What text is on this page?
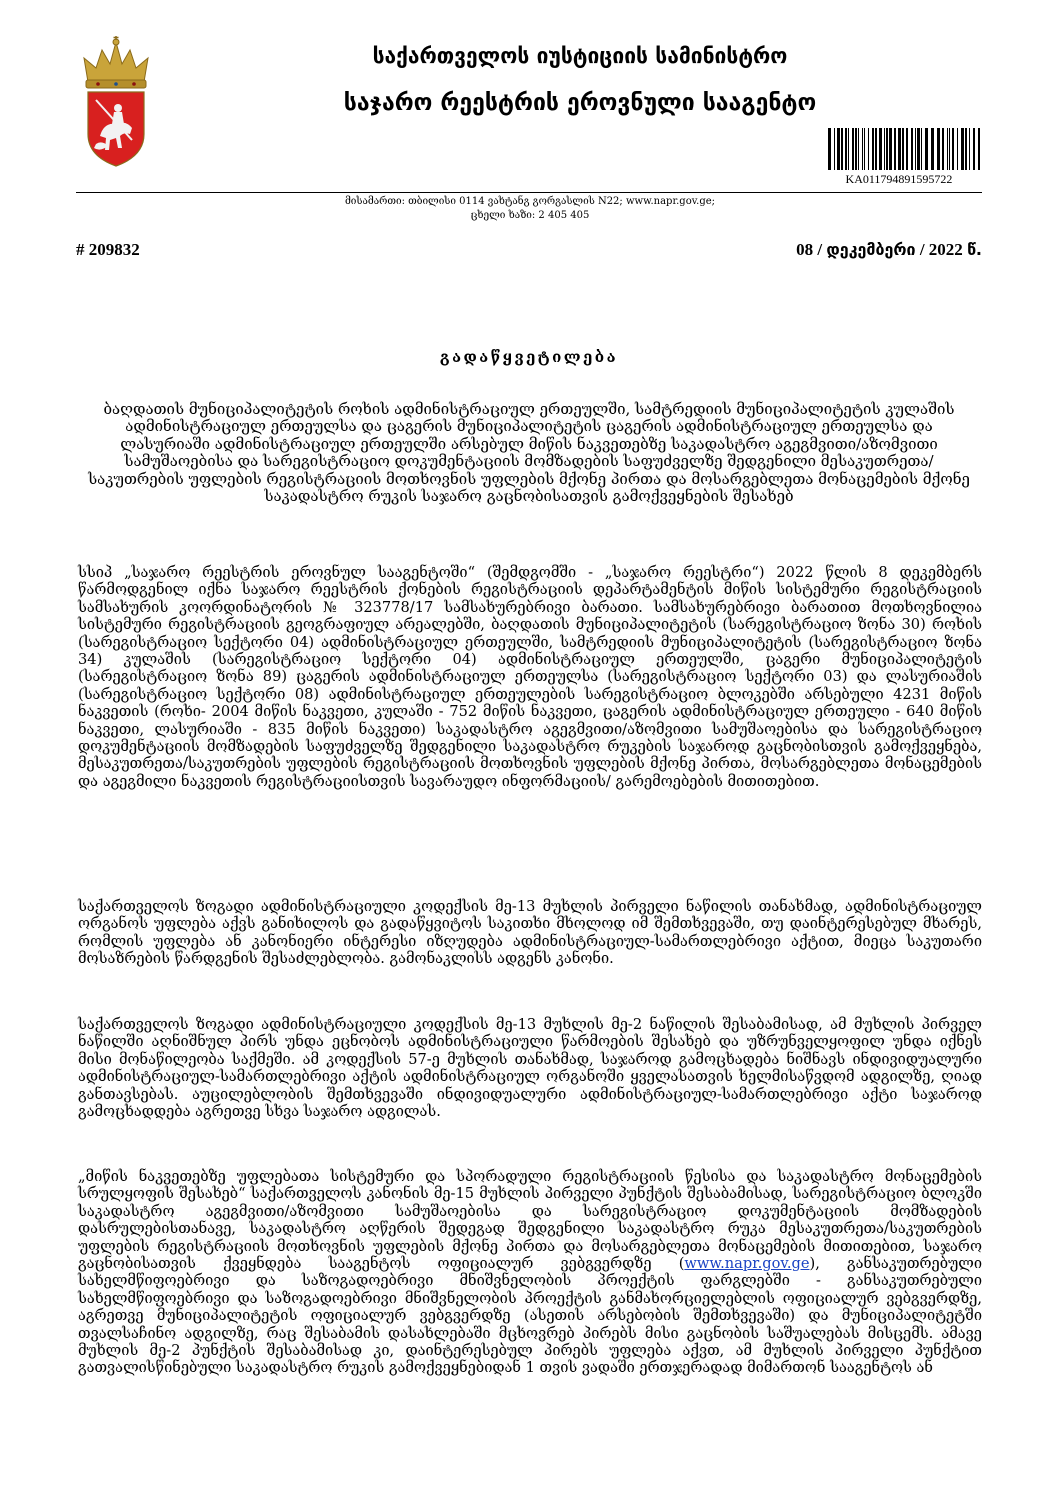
საქართველოს იუსტიციის სამინისტრო
საჯარო რეესტრის ეროვნული სააგენტო
KA011794891595722
მისამართი: თბილისი 0114 ვახტანგ გორგასლის N22; www.napr.gov.ge;
ცხელი ხაზი: 2 405 405
# 209832	08 / დეკემბერი / 2022 წ.
გადაწყვეტილება
ბაღდათის მუნიციპალიტეტის როხის ადმინისტრაციულ ერთეულში, სამტრედიის მუნიციპალიტეტის კულაშის ადმინისტრაციულ ერთეულსა და ცაგერის მუნიციპალიტეტის ცაგერის ადმინისტრაციულ ერთეულსა და ლასურიაში ადმინისტრაციულ ერთეულში არსებულ მიწის ნაკვეთებზე საკადასტრო აგეგმვითი/აზომვითი სამუშაოებისა და სარეგისტრაციო დოკუმენტაციის მომზადების საფუძველზე შედგენილი მესაკუთრეთა/საკუთრების უფლების რეგისტრაციის მოთხოვნის უფლების მქონე პირთა და მოსარგებლეთა მონაცემების მქონე საკადასტრო რუკის საჯარო გაცნობისათვის გამოქვეყნების შესახებ
სსიპ „საჯარო რეესტრის ეროვნულ სააგენტოში“ (შემდგომში - „საჯარო რეესტრი“) 2022 წლის 8 დეკემბერს წარმოდგენილ იქნა საჯარო რეესტრის ქონების რეგისტრაციის დეპარტამენტის მიწის სისტემური რეგისტრაციის სამსახურის კოორდინატორის № 323778/17 სამსახურებრივი ბარათი. სამსახურებრივი ბარათით მოთხოვნილია სისტემური რეგისტრაციის გეოგრაფიულ არეალებში, ბაღდათის მუნიციპალიტეტის (სარეგისტრაციო ზონა 30) როხის (სარეგისტრაციო სექტორი 04) ადმინისტრაციულ ერთეულში, სამტრედიის მუნიციპალიტეტის (სარეგისტრაციო ზონა 34) კულაშის (სარეგისტრაციო სექტორი 04) ადმინისტრაციულ ერთეულში, ცაგერი მუნიციპალიტეტის (სარეგისტრაციო ზონა 89) ცაგერის ადმინისტრაციულ ერთეულსა (სარეგისტრაციო სექტორი 03) და ლასურიაშის (სარეგისტრაციო სექტორი 08) ადმინისტრაციულ ერთეულების სარეგისტრაციო ბლოკებში არსებული 4231 მიწის ნაკვეთის (როხი- 2004 მიწის ნაკვეთი, კულაში - 752 მიწის ნაკვეთი, ცაგერის ადმინისტრაციულ ერთეული - 640 მიწის ნაკვეთი, ლასურიაში - 835 მიწის ნაკვეთი) საკადასტრო აგეგმვითი/აზომვითი სამუშაოებისა და სარეგისტრაციო დოკუმენტაციის მომზადების საფუძველზე შედგენილი საკადასტრო რუკების საჯაროდ გაცნობისთვის გამოქვეყნება, მესაკუთრეთა/საკუთრების უფლების რეგისტრაციის მოთხოვნის უფლების მქონე პირთა, მოსარგებლეთა მონაცემების და აგეგმილი ნაკვეთის რეგისტრაციისთვის სავარაუდო ინფორმაციის/ გარემოებების მითითებით.
საქართველოს ზოგადი ადმინისტრაციული კოდექსის მე-13 მუხლის პირველი ნაწილის თანახმად, ადმინისტრაციულ ორგანოს უფლება აქვს განიხილოს და გადაწყვიტოს საკითხი მხოლოდ იმ შემთხვევაში, თუ დაინტერესებულ მხარეს, რომლის უფლება ან კანონიერი ინტერესი იზღუდება ადმინისტრაციულ-სამართლებრივი აქტით, მიეცა საკუთარი მოსაზრების წარდგენის შესაძლებლობა. გამონაკლისს ადგენს კანონი.
საქართველოს ზოგადი ადმინისტრაციული კოდექსის მე-13 მუხლის მე-2 ნაწილის შესაბამისად, ამ მუხლის პირველ ნაწილში აღნიშნულ პირს უნდა ეცნობოს ადმინისტრაციული წარმოების შესახებ და უზრუნველყოფილ უნდა იქნეს მისი მონაწილეობა საქმეში. ამ კოდექსის 57-ე მუხლის თანახმად, საჯაროდ გამოცხადება ნიშნავს ინდივიდუალური ადმინისტრაციულ-სამართლებრივი აქტის ადმინისტრაციულ ორგანოში ყველასათვის ხელმისაწვდომ ადგილზე, ღიად განთავსებას. აუცილებლობის შემთხვევაში ინდივიდუალური ადმინისტრაციულ-სამართლებრივი აქტი საჯაროდ გამოცხადდება აგრეთვე სხვა საჯარო ადგილას.
„მიწის ნაკვეთებზე უფლებათა სისტემური და სპორადული რეგისტრაციის წესისა და საკადასტრო მონაცემების სრულყოფის შესახებ“ საქართველოს კანონის მე-15 მუხლის პირველი პუნქტის შესაბამისად, სარეგისტრაციო ბლოკში საკადასტრო აგეგმვითი/აზომვითი სამუშაოებისა და სარეგისტრაციო დოკუმენტაციის მომზადების დასრულებისთანავე, საკადასტრო აღწერის შედეგად შედგენილი საკადასტრო რუკა მესაკუთრეთა/საკუთრების უფლების რეგისტრაციის მოთხოვნის უფლების მქონე პირთა და მოსარგებლეთა მონაცემების მითითებით, საჯარო გაცნობისათვის ქვეყნდება სააგენტოს ოფიციალურ ვებგვერდზე (www.napr.gov.ge), განსაკუთრებული სახელმწიფოებრივი და საზოგადოებრივი მნიშვნელობის პროექტის ფარგლებში - განსაკუთრებული სახელმწიფოებრივი და საზოგადოებრივი მნიშვნელობის პროექტის განმახორციელებლის ოფიციალურ ვებგვერდზე, აგრეთვე მუნიციპალიტეტის ოფიციალურ ვებგვერდზე (ასეთის არსებობის შემთხვევაში) და მუნიციპალიტეტში თვალსაჩინო ადგილზე, რაც შესაბამის დასახლებაში მცხოვრებ პირებს მისი გაცნობის საშუალებას მისცემს. ამავე მუხლის მე-2 პუნქტის შესაბამისად კი, დაინტერესებულ პირებს უფლება აქვთ, ამ მუხლის პირველი პუნქტით გათვალისწინებული საკადასტრო რუკის გამოქვეყნებიდან 1 თვის ვადაში ერთჯერადად მიმართონ სააგენტოს ან
